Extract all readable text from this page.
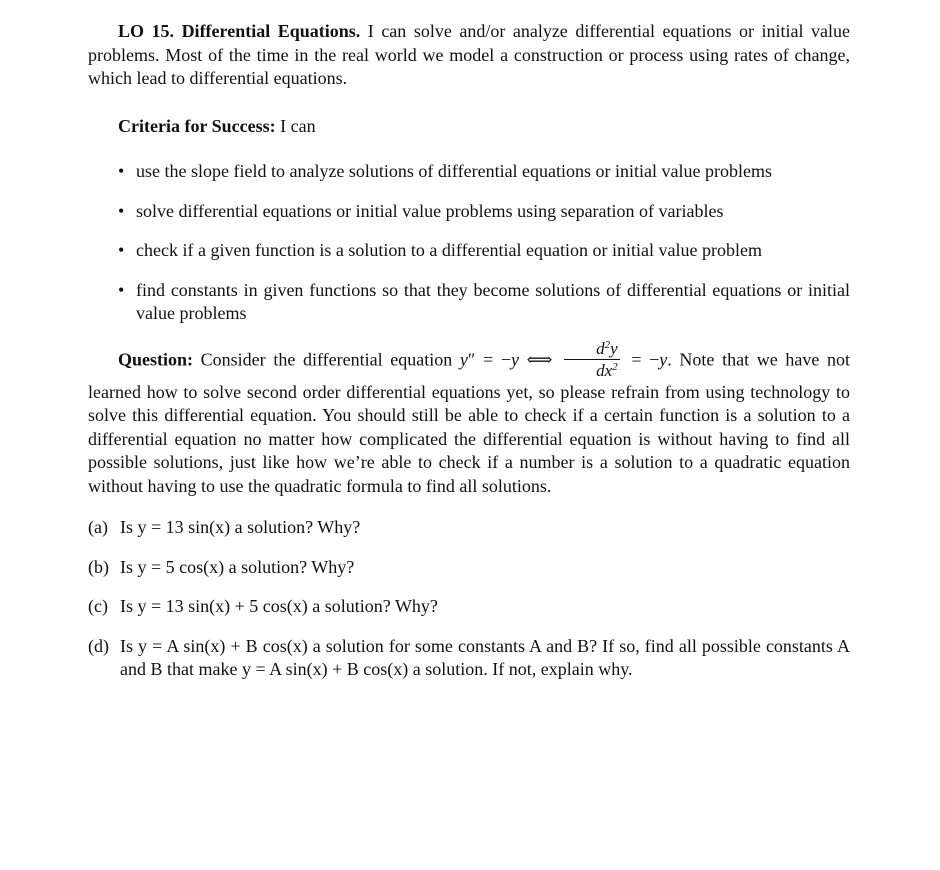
LO 15. Differential Equations. I can solve and/or analyze differential equations or initial value problems. Most of the time in the real world we model a construction or process using rates of change, which lead to differential equations.

Criteria for Success: I can

• use the slope field to analyze solutions of differential equations or initial value problems
• solve differential equations or initial value problems using separation of variables
• check if a given function is a solution to a differential equation or initial value problem
• find constants in given functions so that they become solutions of differential equations or initial value problems

Question: Consider the differential equation y″ = −y ⟺ $\frac{d^2y}{dx^2} = -y$. Note that we have not learned how to solve second order differential equations yet, so please refrain from using technology to solve this differential equation. You should still be able to check if a certain function is a solution to a differential equation no matter how complicated the differential equation is without having to find all possible solutions, just like how we’re able to check if a number is a solution to a quadratic equation without having to use the quadratic formula to find all solutions.

(a) Is y = 13 sin(x) a solution? Why?
(b) Is y = 5 cos(x) a solution? Why?
(c) Is y = 13 sin(x) + 5 cos(x) a solution? Why?
(d) Is y = A sin(x) + B cos(x) a solution for some constants A and B? If so, find all possible constants A and B that make y = A sin(x) + B cos(x) a solution. If not, explain why.
